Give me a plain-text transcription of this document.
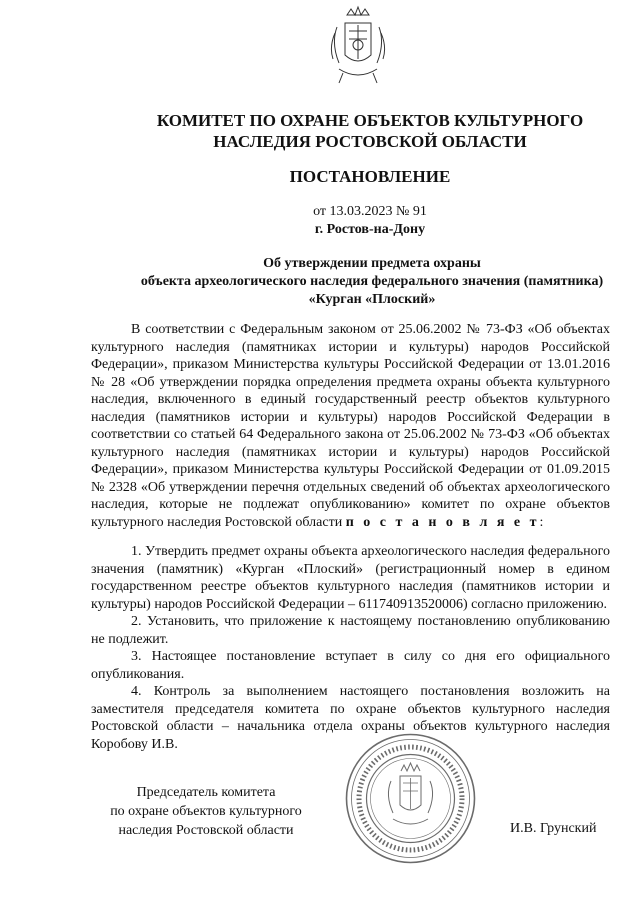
КОМИТЕТ ПО ОХРАНЕ ОБЪЕКТОВ КУЛЬТУРНОГО
НАСЛЕДИЯ РОСТОВСКОЙ ОБЛАСТИ
ПОСТАНОВЛЕНИЕ
от 13.03.2023 № 91
г. Ростов-на-Дону
Об утверждении предмета охраны
объекта археологического наследия федерального значения (памятника)
«Курган «Плоский»

В соответствии с Федеральным законом от 25.06.2002 № 73-ФЗ «Об объектах культурного наследия (памятниках истории и культуры) народов Российской Федерации», приказом Министерства культуры Российской Федерации от 13.01.2016 № 28 «Об утверждении порядка определения предмета охраны объекта культурного наследия, включенного в единый государственный реестр объектов культурного наследия (памятников истории и культуры) народов Российской Федерации в соответствии со статьей 64 Федерального закона от 25.06.2002 № 73-ФЗ «Об объектах культурного наследия (памятниках истории и культуры) народов Российской Федерации», приказом Министерства культуры Российской Федерации от 01.09.2015 № 2328 «Об утверждении перечня отдельных сведений об объектах археологического наследия, которые не подлежат опубликованию» комитет по охране объектов культурного наследия Ростовской области п о с т а н о в л я е т:

1. Утвердить предмет охраны объекта археологического наследия федерального значения (памятник) «Курган «Плоский» (регистрационный номер в едином государственном реестре объектов культурного наследия (памятников истории и культуры) народов Российской Федерации – 611740913520006) согласно приложению.

2. Установить, что приложение к настоящему постановлению опубликованию не подлежит.

3. Настоящее постановление вступает в силу со дня его официального опубликования.

4. Контроль за выполнением настоящего постановления возложить на заместителя председателя комитета по охране объектов культурного наследия Ростовской области – начальника отдела охраны объектов культурного наследия Коробову И.В.

Председатель комитета
по охране объектов культурного
наследия Ростовской области	И.В. Грунский
